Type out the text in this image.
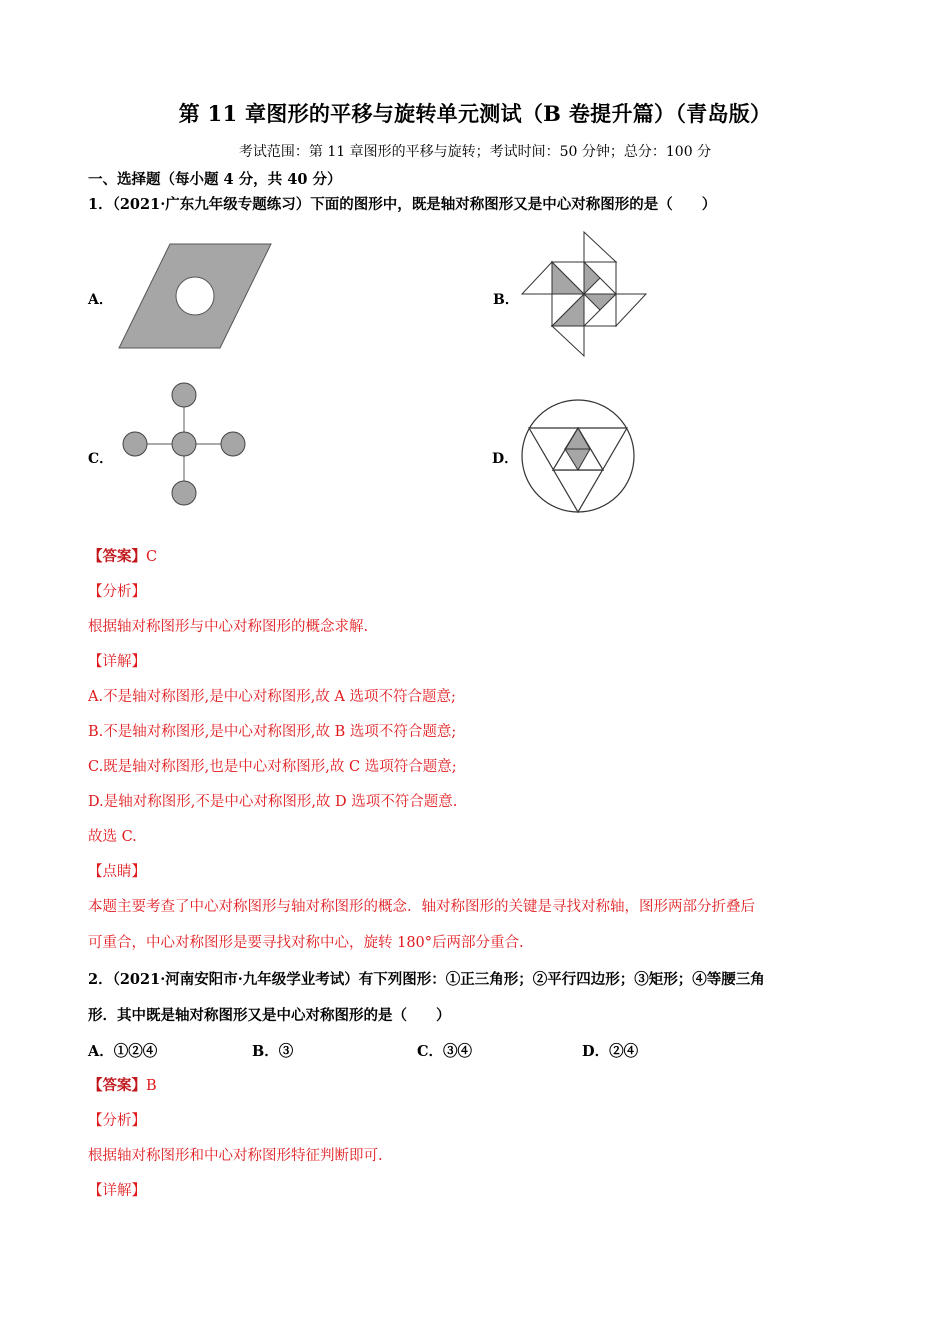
第 11 章图形的平移与旋转单元测试（B 卷提升篇）（青岛版）
考试范围：第 11 章图形的平移与旋转；考试时间：50 分钟；总分：100 分
一、选择题（每小题 4 分，共 40 分）
1．（2021·广东九年级专题练习）下面的图形中，既是轴对称图形又是中心对称图形的是（　　）
A．	B．
C．	D．
【答案】C
【分析】
根据轴对称图形与中心对称图形的概念求解.
【详解】
A.不是轴对称图形,是中心对称图形,故 A 选项不符合题意;
B.不是轴对称图形,是中心对称图形,故 B 选项不符合题意;
C.既是轴对称图形,也是中心对称图形,故 C 选项符合题意;
D.是轴对称图形,不是中心对称图形,故 D 选项不符合题意.
故选 C.
【点睛】
本题主要考查了中心对称图形与轴对称图形的概念．轴对称图形的关键是寻找对称轴，图形两部分折叠后
可重合，中心对称图形是要寻找对称中心，旋转 180°后两部分重合.
2．（2021·河南安阳市·九年级学业考试）有下列图形：①正三角形；②平行四边形；③矩形；④等腰三角
形．其中既是轴对称图形又是中心对称图形的是（　　）
A．①②④	B．③	C．③④	D．②④
【答案】B
【分析】
根据轴对称图形和中心对称图形特征判断即可.
【详解】
